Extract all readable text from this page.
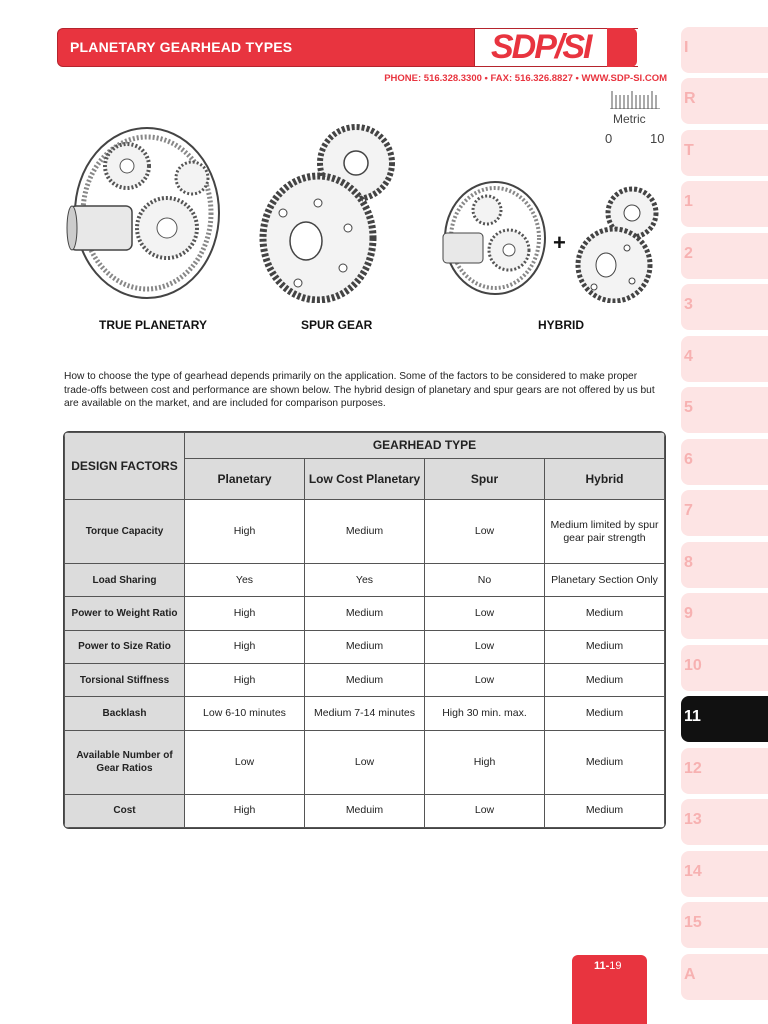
PLANETARY GEARHEAD TYPES	SDP/SI
PHONE: 516.328.3300 • FAX: 516.326.8827 • WWW.SDP-SI.COM
Metric
0	10
TRUE PLANETARY	SPUR GEAR
+
HYBRID

How to choose the type of gearhead depends primarily on the application. Some of the factors to be considered to make proper trade-offs between cost and performance are shown below. The hybrid design of planetary and spur gears are not offered by us but are available on the market, and are included for comparison purposes.

DESIGN FACTORS	GEARHEAD TYPE			
	Planetary	Low Cost Planetary	Spur	Hybrid
Torque Capacity	High	Medium	Low	Medium limited by spur gear pair strength
Load Sharing	Yes	Yes	No	Planetary Section Only
Power to Weight Ratio	High	Medium	Low	Medium
Power to Size Ratio	High	Medium	Low	Medium
Torsional Stiffness	High	Medium	Low	Medium
Backlash	Low 6-10 minutes	Medium 7-14 minutes	High 30 min. max.	Medium
Available Number of Gear Ratios	Low	Low	High	Medium
Cost	High	Meduim	Low	Medium
I
R
T
1
2
3
4
5
6
7
8
9
10
11
12
13
14
15
A
11-19
